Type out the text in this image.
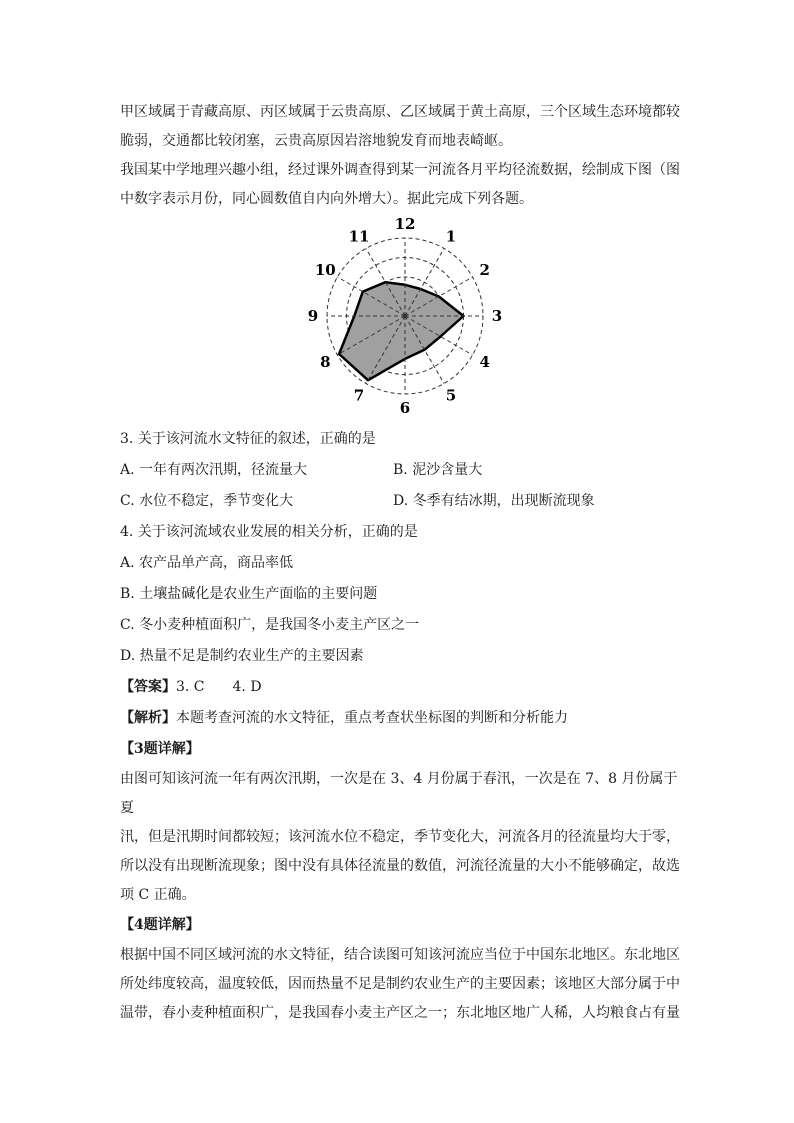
甲区域属于青藏高原、丙区域属于云贵高原、乙区域属于黄土高原，三个区域生态环境都较

脆弱，交通都比较闭塞，云贵高原因岩溶地貌发育而地表崎岖。

我国某中学地理兴趣小组，经过课外调查得到某一河流各月平均径流数据，绘制成下图（图

中数字表示月份，同心圆数值自内向外增大）。据此完成下列各题。

12
1
2
3
4
5
6
7
8
9
10
11

3. 关于该河流水文特征的叙述，正确的是

A. 一年有两次汛期，径流量大	B. 泥沙含量大
C. 水位不稳定，季节变化大	D. 冬季有结冰期，出现断流现象

4. 关于该河流域农业发展的相关分析，正确的是

A. 农产品单产高，商品率低

B. 土壤盐碱化是农业生产面临的主要问题

C. 冬小麦种植面积广，是我国冬小麦主产区之一

D. 热量不足是制约农业生产的主要因素

【答案】3. C　　4. D

【解析】本题考查河流的水文特征，重点考查状坐标图的判断和分析能力

【3题详解】

由图可知该河流一年有两次汛期，一次是在 3、4 月份属于春汛，一次是在 7、8 月份属于夏

汛，但是汛期时间都较短；该河流水位不稳定，季节变化大，河流各月的径流量均大于零，

所以没有出现断流现象；图中没有具体径流量的数值，河流径流量的大小不能够确定，故选

项 C 正确。

【4题详解】

根据中国不同区域河流的水文特征，结合读图可知该河流应当位于中国东北地区。东北地区

所处纬度较高，温度较低，因而热量不足是制约农业生产的主要因素；该地区大部分属于中

温带，春小麦种植面积广，是我国春小麦主产区之一；东北地区地广人稀，人均粮食占有量
